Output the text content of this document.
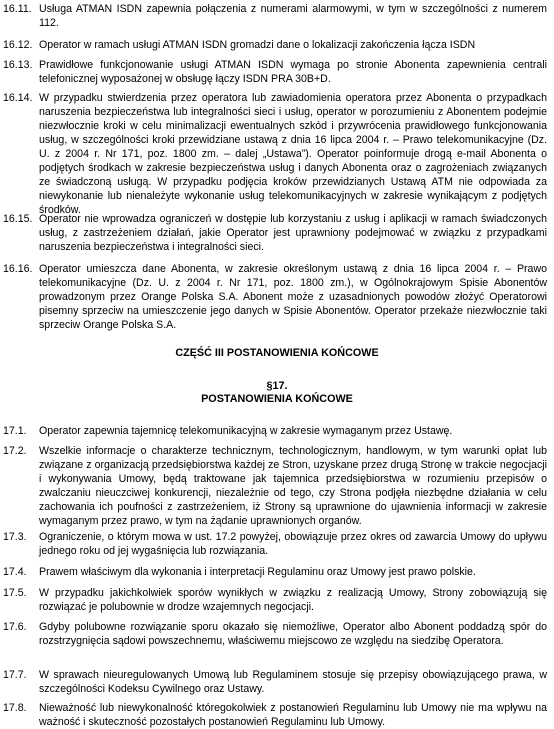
16.11. Usługa ATMAN ISDN zapewnia połączenia z numerami alarmowymi, w tym w szczególności z numerem 112.
16.12. Operator w ramach usługi ATMAN ISDN gromadzi dane o lokalizacji zakończenia łącza ISDN
16.13. Prawidłowe funkcjonowanie usługi ATMAN ISDN wymaga po stronie Abonenta zapewnienia centrali telefonicznej wyposażonej w obsługę łączy ISDN PRA 30B+D.
16.14. W przypadku stwierdzenia przez operatora lub zawiadomienia operatora przez Abonenta o przypadkach naruszenia bezpieczeństwa lub integralności sieci i usług, operator w porozumieniu z Abonentem podejmie niezwłocznie kroki w celu minimalizacji ewentualnych szkód i przywrócenia prawidłowego funkcjonowania usług, w szczególności kroki przewidziane ustawą z dnia 16 lipca 2004 r. – Prawo telekomunikacyjne (Dz. U. z 2004 r. Nr 171, poz. 1800 zm. – dalej „Ustawa”). Operator poinformuje drogą e-mail Abonenta o podjętych środkach w zakresie bezpieczeństwa usług i danych Abonenta oraz o zagrożeniach związanych ze świadczoną usługą. W przypadku podjęcia kroków przewidzianych Ustawą ATM nie odpowiada za niewykonanie lub nienależyte wykonanie usług telekomunikacyjnych w zakresie wynikającym z podjętych środków.
16.15. Operator nie wprowadza ograniczeń w dostępie lub korzystaniu z usług i aplikacji w ramach świadczonych usług, z zastrzeżeniem działań, jakie Operator jest uprawniony podejmować w związku z przypadkami naruszenia bezpieczeństwa i integralności sieci.
16.16. Operator umieszcza dane Abonenta, w zakresie określonym ustawą z dnia 16 lipca 2004 r. – Prawo telekomunikacyjne (Dz. U. z 2004 r. Nr 171, poz. 1800 zm.), w Ogólnokrajowym Spisie Abonentów prowadzonym przez Orange Polska S.A. Abonent może z uzasadnionych powodów złożyć Operatorowi pisemny sprzeciw na umieszczenie jego danych w Spisie Abonentów. Operator przekaże niezwłocznie taki sprzeciw Orange Polska S.A.
CZĘŚĆ III POSTANOWIENIA KOŃCOWE
§17.
POSTANOWIENIA KOŃCOWE
17.1.	Operator zapewnia tajemnicę telekomunikacyjną w zakresie wymaganym przez Ustawę.
17.2.	Wszelkie informacje o charakterze technicznym, technologicznym, handlowym, w tym warunki opłat lub związane z organizacją przedsiębiorstwa każdej ze Stron, uzyskane przez drugą Stronę w trakcie negocjacji i wykonywania Umowy, będą traktowane jak tajemnica przedsiębiorstwa w rozumieniu przepisów o zwalczaniu nieuczciwej konkurencji, niezależnie od tego, czy Strona podjęła niezbędne działania w celu zachowania ich poufności z zastrzeżeniem, iż Strony są uprawnione do ujawnienia informacji w zakresie wymaganym przez prawo, w tym na żądanie uprawnionych organów.
17.3.	Ograniczenie, o którym mowa w ust. 17.2 powyżej, obowiązuje przez okres od zawarcia Umowy do upływu jednego roku od jej wygaśnięcia lub rozwiązania.
17.4.	Prawem właściwym dla wykonania i interpretacji Regulaminu oraz Umowy jest prawo polskie.
17.5.	W przypadku jakichkolwiek sporów wynikłych w związku z realizacją Umowy, Strony zobowiązują się rozwiązać je polubownie w drodze wzajemnych negocjacji.
17.6.	Gdyby polubowne rozwiązanie sporu okazało się niemożliwe, Operator albo Abonent poddadzą spór do rozstrzygnięcia sądowi powszechnemu, właściwemu miejscowo ze względu na siedzibę Operatora.
17.7.	W sprawach nieuregulowanych Umową lub Regulaminem stosuje się przepisy obowiązującego prawa, w szczególności Kodeksu Cywilnego oraz Ustawy.
17.8.	Nieważność lub niewykonalność któregokolwiek z postanowień Regulaminu lub Umowy nie ma wpływu na ważność i skuteczność pozostałych postanowień Regulaminu lub Umowy.
